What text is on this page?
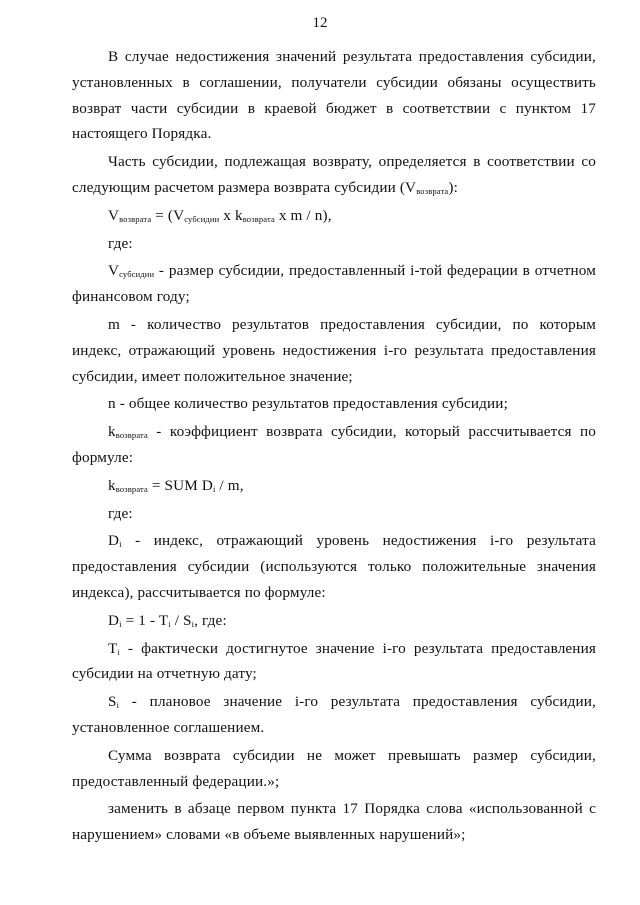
12

В случае недостижения значений результата предоставления субсидии, установленных в соглашении, получатели субсидии обязаны осуществить возврат части субсидии в краевой бюджет в соответствии с пунктом 17 настоящего Порядка.

Часть субсидии, подлежащая возврату, определяется в соответствии со следующим расчетом размера возврата субсидии $(V_{возврата})$:

$V_{возврата} = (V_{субсидии}$ x $k_{возврата}$ x m / n),

где:

$V_{субсидии}$ - размер субсидии, предоставленный i-той федерации в отчетном финансовом году;

m - количество результатов предоставления субсидии, по которым индекс, отражающий уровень недостижения i-го результата предоставления субсидии, имеет положительное значение;

n - общее количество результатов предоставления субсидии;

$k_{возврата}$ - коэффициент возврата субсидии, который рассчитывается по формуле:

$k_{возврата}$ = SUM $D_i$ / m,

где:

$D_i$ - индекс, отражающий уровень недостижения i-го результата предоставления субсидии (используются только положительные значения индекса), рассчитывается по формуле:

$D_i = 1 - T_i / S_i$, где:

$T_i$ - фактически достигнутое значение i-го результата предоставления субсидии на отчетную дату;

$S_i$ - плановое значение i-го результата предоставления субсидии, установленное соглашением.

Сумма возврата субсидии не может превышать размер субсидии, предоставленный федерации.»;

заменить в абзаце первом пункта 17 Порядка слова «использованной с нарушением» словами «в объеме выявленных нарушений»;
